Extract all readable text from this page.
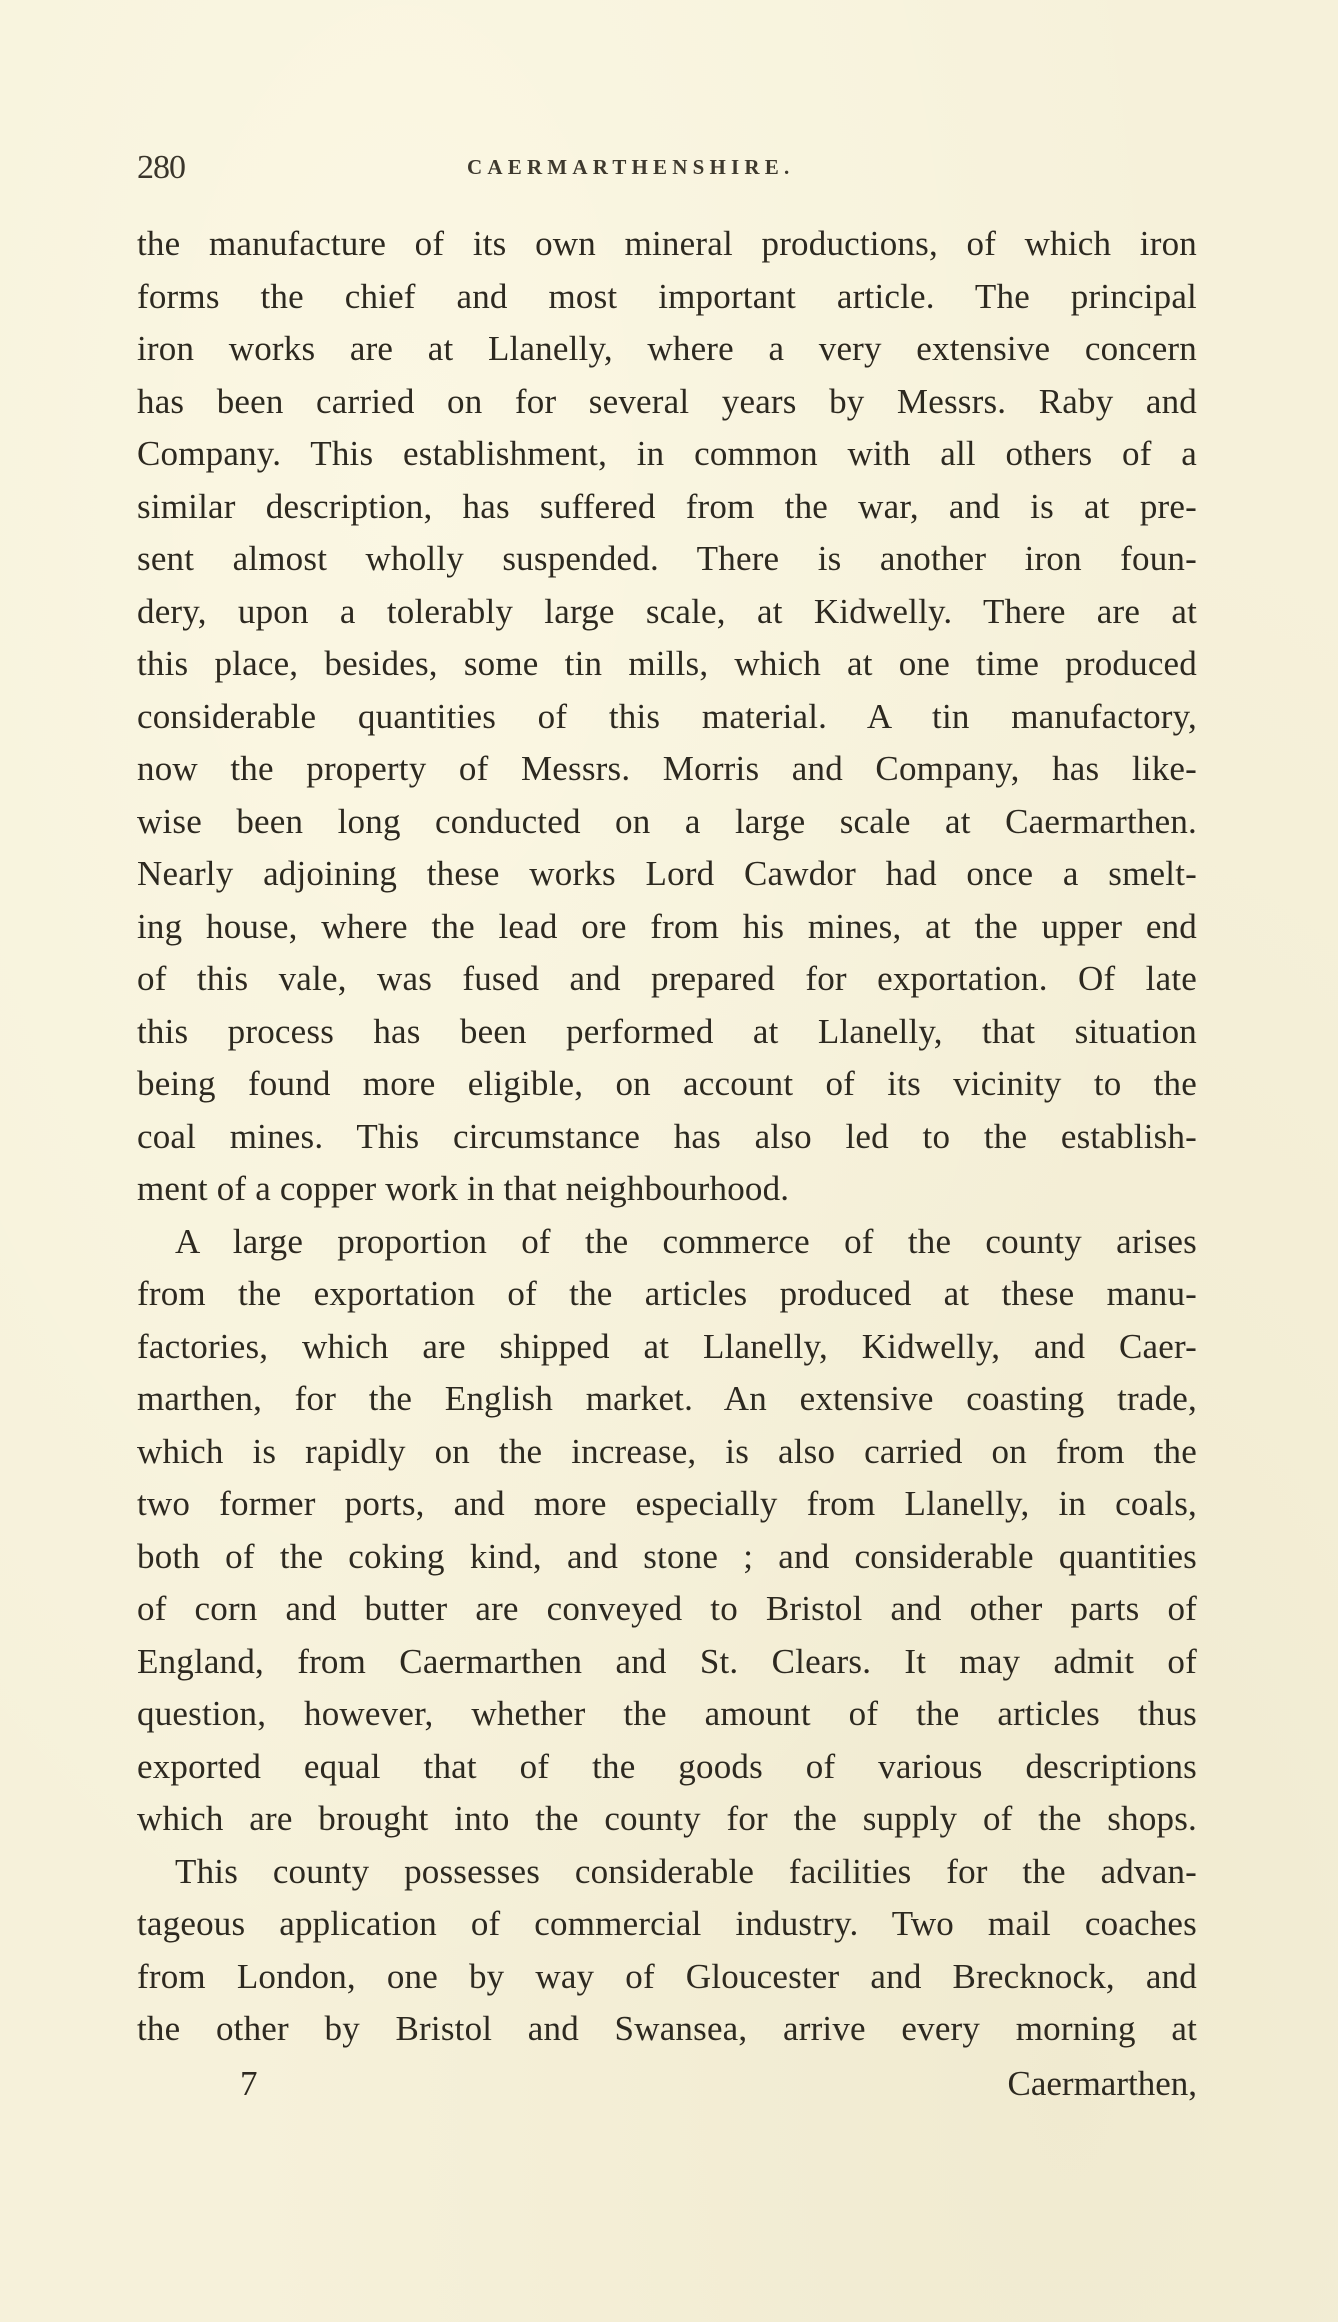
280	CAERMARTHENSHIRE.
the manufacture of its own mineral productions, of which iron
forms the chief and most important article. The principal
iron works are at Llanelly, where a very extensive concern
has been carried on for several years by Messrs. Raby and
Company. This establishment, in common with all others of a
similar description, has suffered from the war, and is at pre-
sent almost wholly suspended. There is another iron foun-
dery, upon a tolerably large scale, at Kidwelly. There are at
this place, besides, some tin mills, which at one time produced
considerable quantities of this material. A tin manufactory,
now the property of Messrs. Morris and Company, has like-
wise been long conducted on a large scale at Caermarthen.
Nearly adjoining these works Lord Cawdor had once a smelt-
ing house, where the lead ore from his mines, at the upper end
of this vale, was fused and prepared for exportation. Of late
this process has been performed at Llanelly, that situation
being found more eligible, on account of its vicinity to the
coal mines. This circumstance has also led to the establish-
ment of a copper work in that neighbourhood.
A large proportion of the commerce of the county arises
from the exportation of the articles produced at these manu-
factories, which are shipped at Llanelly, Kidwelly, and Caer-
marthen, for the English market. An extensive coasting trade,
which is rapidly on the increase, is also carried on from the
two former ports, and more especially from Llanelly, in coals,
both of the coking kind, and stone ; and considerable quantities
of corn and butter are conveyed to Bristol and other parts of
England, from Caermarthen and St. Clears. It may admit of
question, however, whether the amount of the articles thus
exported equal that of the goods of various descriptions
which are brought into the county for the supply of the shops.
This county possesses considerable facilities for the advan-
tageous application of commercial industry. Two mail coaches
from London, one by way of Gloucester and Brecknock, and
the other by Bristol and Swansea, arrive every morning at
7	Caermarthen,
